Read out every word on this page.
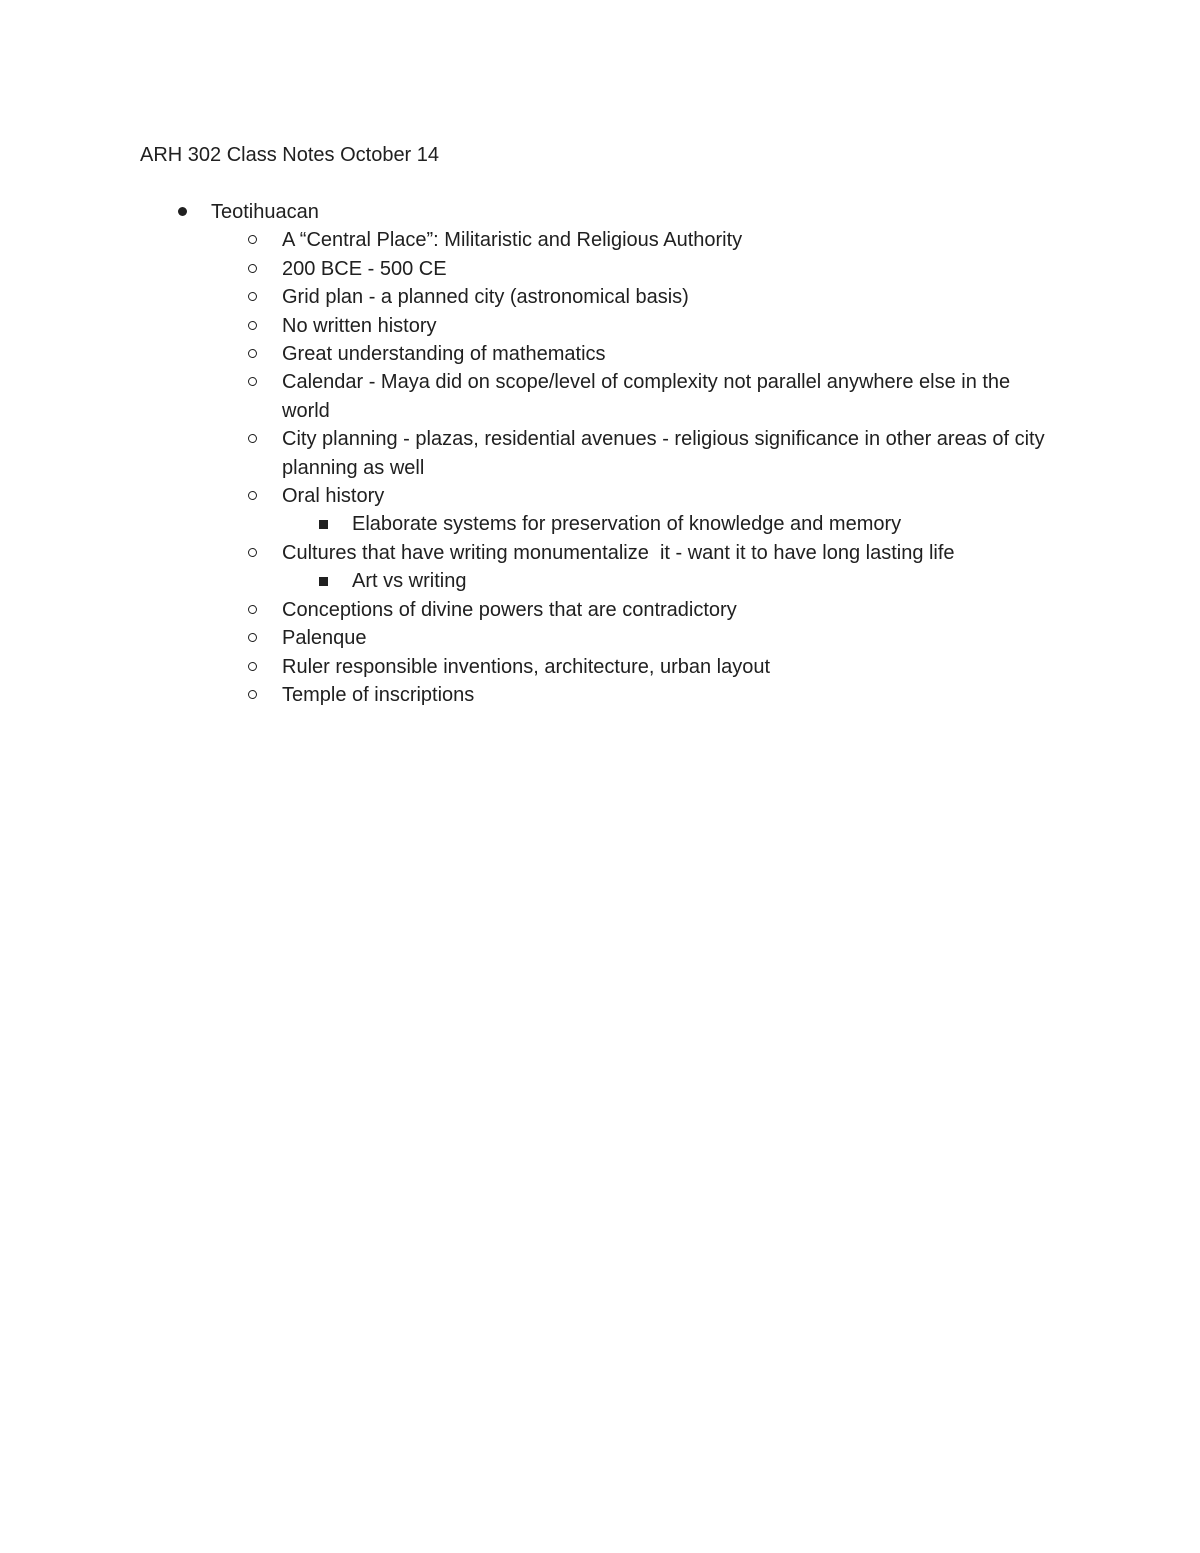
ARH 302 Class Notes October 14
Teotihuacan
A “Central Place”: Militaristic and Religious Authority
200 BCE - 500 CE
Grid plan - a planned city (astronomical basis)
No written history
Great understanding of mathematics
Calendar - Maya did on scope/level of complexity not parallel anywhere else in the world
City planning - plazas, residential avenues - religious significance in other areas of city planning as well
Oral history
Elaborate systems for preservation of knowledge and memory
Cultures that have writing monumentalize  it - want it to have long lasting life
Art vs writing
Conceptions of divine powers that are contradictory
Palenque
Ruler responsible inventions, architecture, urban layout
Temple of inscriptions
